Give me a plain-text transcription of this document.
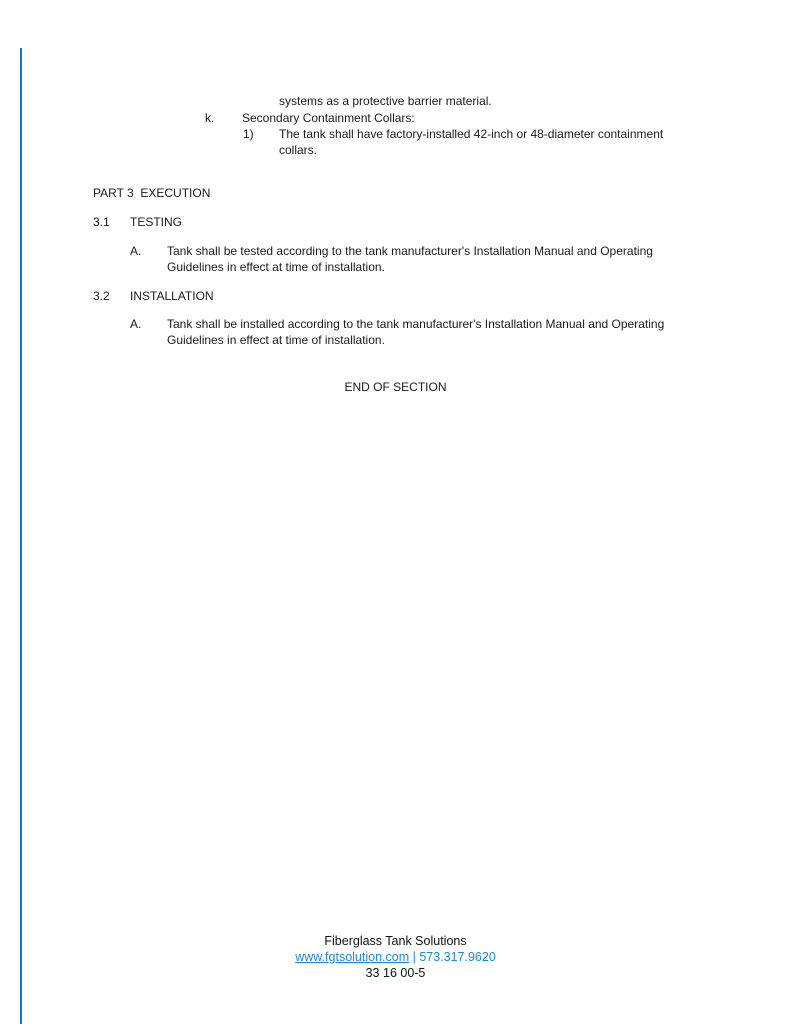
systems as a protective barrier material.
k. Secondary Containment Collars:
1) The tank shall have factory-installed 42-inch or 48-diameter containment
collars.
PART 3  EXECUTION
3.1 TESTING
A. Tank shall be tested according to the tank manufacturer's Installation Manual and Operating
Guidelines in effect at time of installation.
3.2 INSTALLATION
A. Tank shall be installed according to the tank manufacturer's Installation Manual and Operating
Guidelines in effect at time of installation.
END OF SECTION
Fiberglass Tank Solutions
www.fgtsolution.com | 573.317.9620
33 16 00-5
